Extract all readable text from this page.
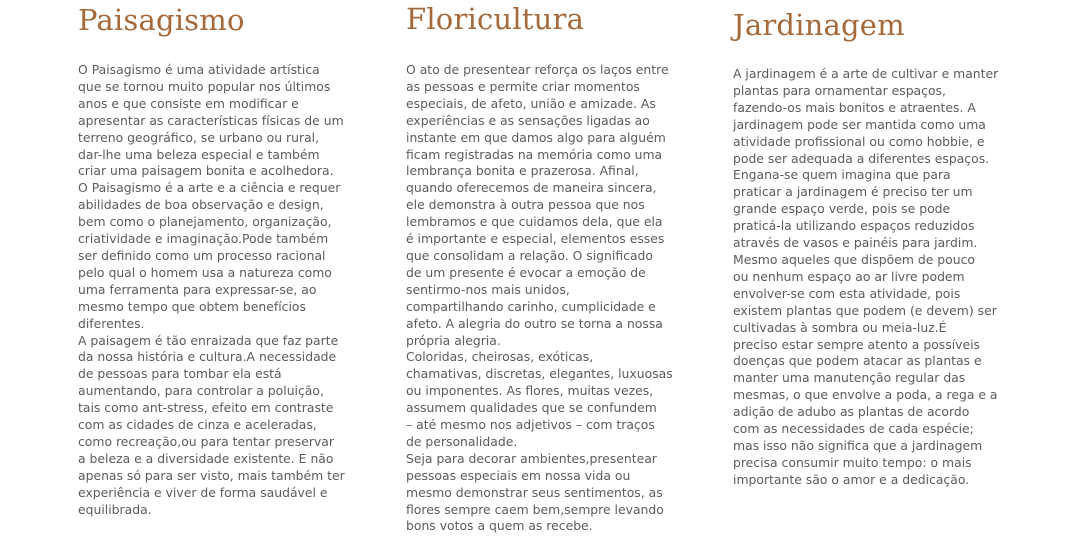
Paisagismo

O Paisagismo é uma atividade artística
que se tornou muito popular nos últimos
anos e que consiste em modificar e
apresentar as características físicas de um
terreno geográfico, se urbano ou rural,
dar-lhe uma beleza especial e também
criar uma paisagem bonita e acolhedora.
O Paisagismo é a arte e a ciência e requer
abilidades de boa observação e design,
bem como o planejamento, organização,
criatividade e imaginação.Pode também
ser definido como um processo racional
pelo qual o homem usa a natureza como
uma ferramenta para expressar-se, ao
mesmo tempo que obtem benefícios
diferentes.
A paisagem é tão enraizada que faz parte
da nossa história e cultura.A necessidade
de pessoas para tombar ela está
aumentando, para controlar a poluição,
tais como ant-stress, efeito em contraste
com as cidades de cinza e aceleradas,
como recreação,ou para tentar preservar
a beleza e a diversidade existente. E não
apenas só para ser visto, mais também ter
experiência e viver de forma saudável e
equilibrada.

Floricultura

O ato de presentear reforça os laços entre
as pessoas e permite criar momentos
especiais, de afeto, união e amizade. As
experiências e as sensações ligadas ao
instante em que damos algo para alguém
ficam registradas na memória como uma
lembrança bonita e prazerosa. Afinal,
quando oferecemos de maneira sincera,
ele demonstra à outra pessoa que nos
lembramos e que cuidamos dela, que ela
é importante e especial, elementos esses
que consolidam a relação. O significado
de um presente é evocar a emoção de
sentirmo-nos mais unidos,
compartilhando carinho, cumplicidade e
afeto. A alegria do outro se torna a nossa
própria alegria.
Coloridas, cheirosas, exóticas,
chamativas, discretas, elegantes, luxuosas
ou imponentes. As flores, muitas vezes,
assumem qualidades que se confundem
– até mesmo nos adjetivos – com traços
de personalidade.
Seja para decorar ambientes,presentear
pessoas especiais em nossa vida ou
mesmo demonstrar seus sentimentos, as
flores sempre caem bem,sempre levando
bons votos a quem as recebe.

Jardinagem

A jardinagem é a arte de cultivar e manter
plantas para ornamentar espaços,
fazendo-os mais bonitos e atraentes. A
jardinagem pode ser mantida como uma
atividade profissional ou como hobbie, e
pode ser adequada a diferentes espaços.
Engana-se quem imagina que para
praticar a jardinagem é preciso ter um
grande espaço verde, pois se pode
praticá-la utilizando espaços reduzidos
através de vasos e painéis para jardim.
Mesmo aqueles que dispõem de pouco
ou nenhum espaço ao ar livre podem
envolver-se com esta atividade, pois
existem plantas que podem (e devem) ser
cultivadas à sombra ou meia-luz.É
preciso estar sempre atento a possíveis
doenças que podem atacar as plantas e
manter uma manutenção regular das
mesmas, o que envolve a poda, a rega e a
adição de adubo as plantas de acordo
com as necessidades de cada espécie;
mas isso não significa que a jardinagem
precisa consumir muito tempo: o mais
importante são o amor e a dedicação.
